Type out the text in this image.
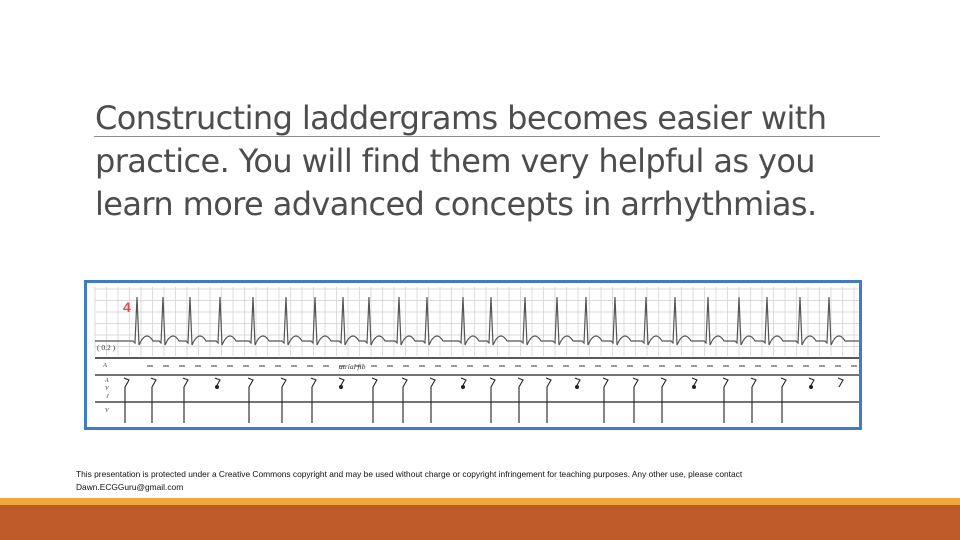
Constructing laddergrams becomes easier with practice. You will find them very helpful as you learn more advanced concepts in arrhythmias.
4
( 0.2 )
atrial fib
A
A
V
J
V

This presentation is protected under a Creative Commons copyright and may be used without charge or copyright infringement for teaching purposes. Any other use, please contact
Dawn.ECGGuru@gmail.com
